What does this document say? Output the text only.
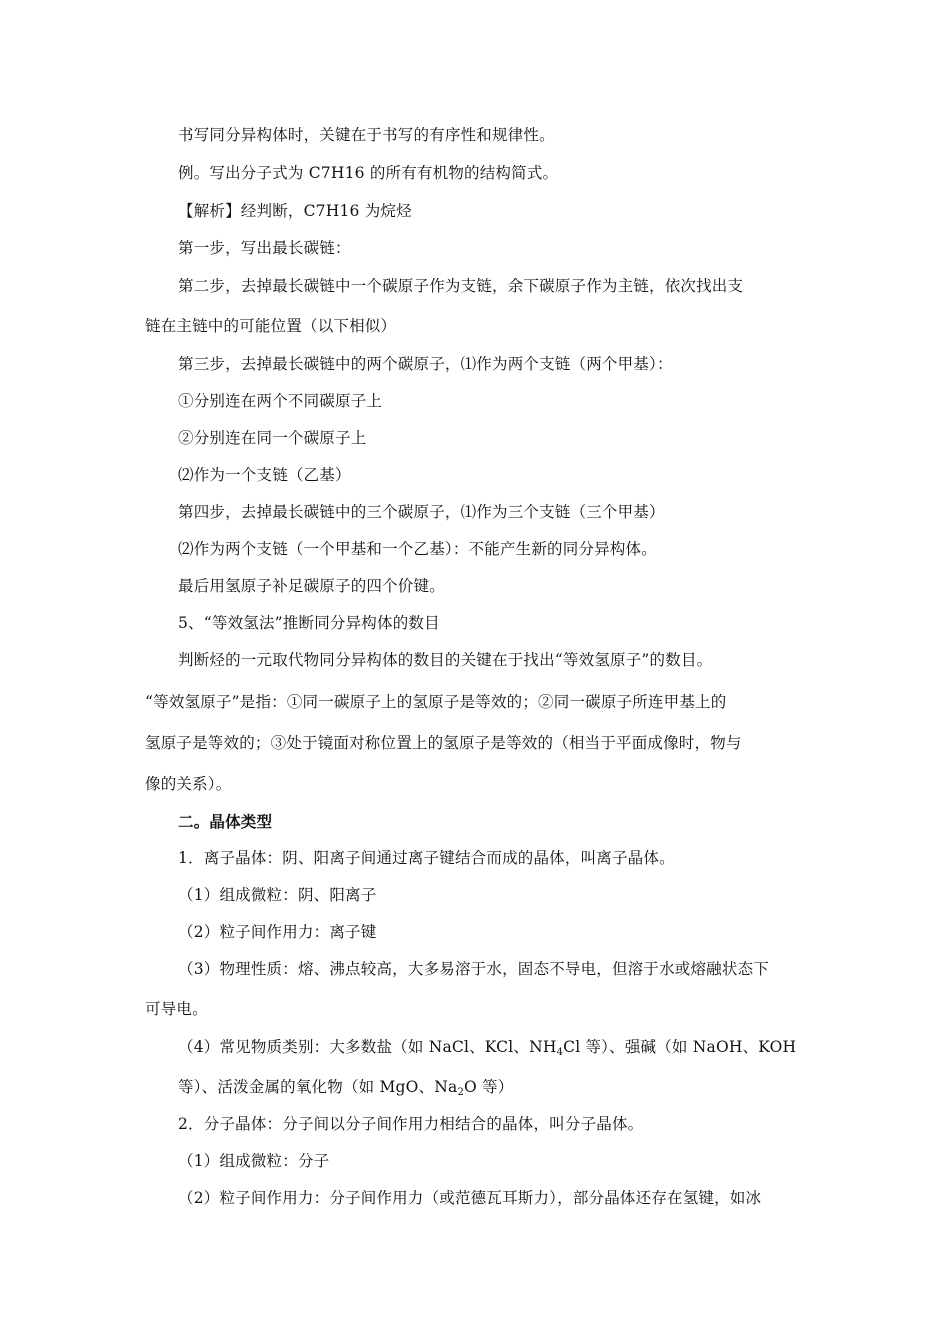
书写同分异构体时，关键在于书写的有序性和规律性。
例。写出分子式为 C7H16 的所有有机物的结构简式。
【解析】经判断，C7H16 为烷烃
第一步，写出最长碳链：
第二步，去掉最长碳链中一个碳原子作为支链，余下碳原子作为主链，依次找出支
链在主链中的可能位置（以下相似）
第三步，去掉最长碳链中的两个碳原子，⑴作为两个支链（两个甲基）：
①分别连在两个不同碳原子上
②分别连在同一个碳原子上
⑵作为一个支链（乙基）
第四步，去掉最长碳链中的三个碳原子，⑴作为三个支链（三个甲基）
⑵作为两个支链（一个甲基和一个乙基）：不能产生新的同分异构体。
最后用氢原子补足碳原子的四个价键。
5、“等效氢法”推断同分异构体的数目
判断烃的一元取代物同分异构体的数目的关键在于找出“等效氢原子”的数目。
“等效氢原子”是指：①同一碳原子上的氢原子是等效的；②同一碳原子所连甲基上的
氢原子是等效的；③处于镜面对称位置上的氢原子是等效的（相当于平面成像时，物与
像的关系）。
二。晶体类型
1．离子晶体：阴、阳离子间通过离子键结合而成的晶体，叫离子晶体。
（1）组成微粒：阴、阳离子
（2）粒子间作用力：离子键
（3）物理性质：熔、沸点较高，大多易溶于水，固态不导电，但溶于水或熔融状态下
可导电。
（4）常见物质类别：大多数盐（如 NaCl、KCl、$NH_4Cl$ 等）、强碱（如 NaOH、KOH
等）、活泼金属的氧化物（如 MgO、$Na_2O$ 等）
2．分子晶体：分子间以分子间作用力相结合的晶体，叫分子晶体。
（1）组成微粒：分子
（2）粒子间作用力：分子间作用力（或范德瓦耳斯力），部分晶体还存在氢键，如冰
